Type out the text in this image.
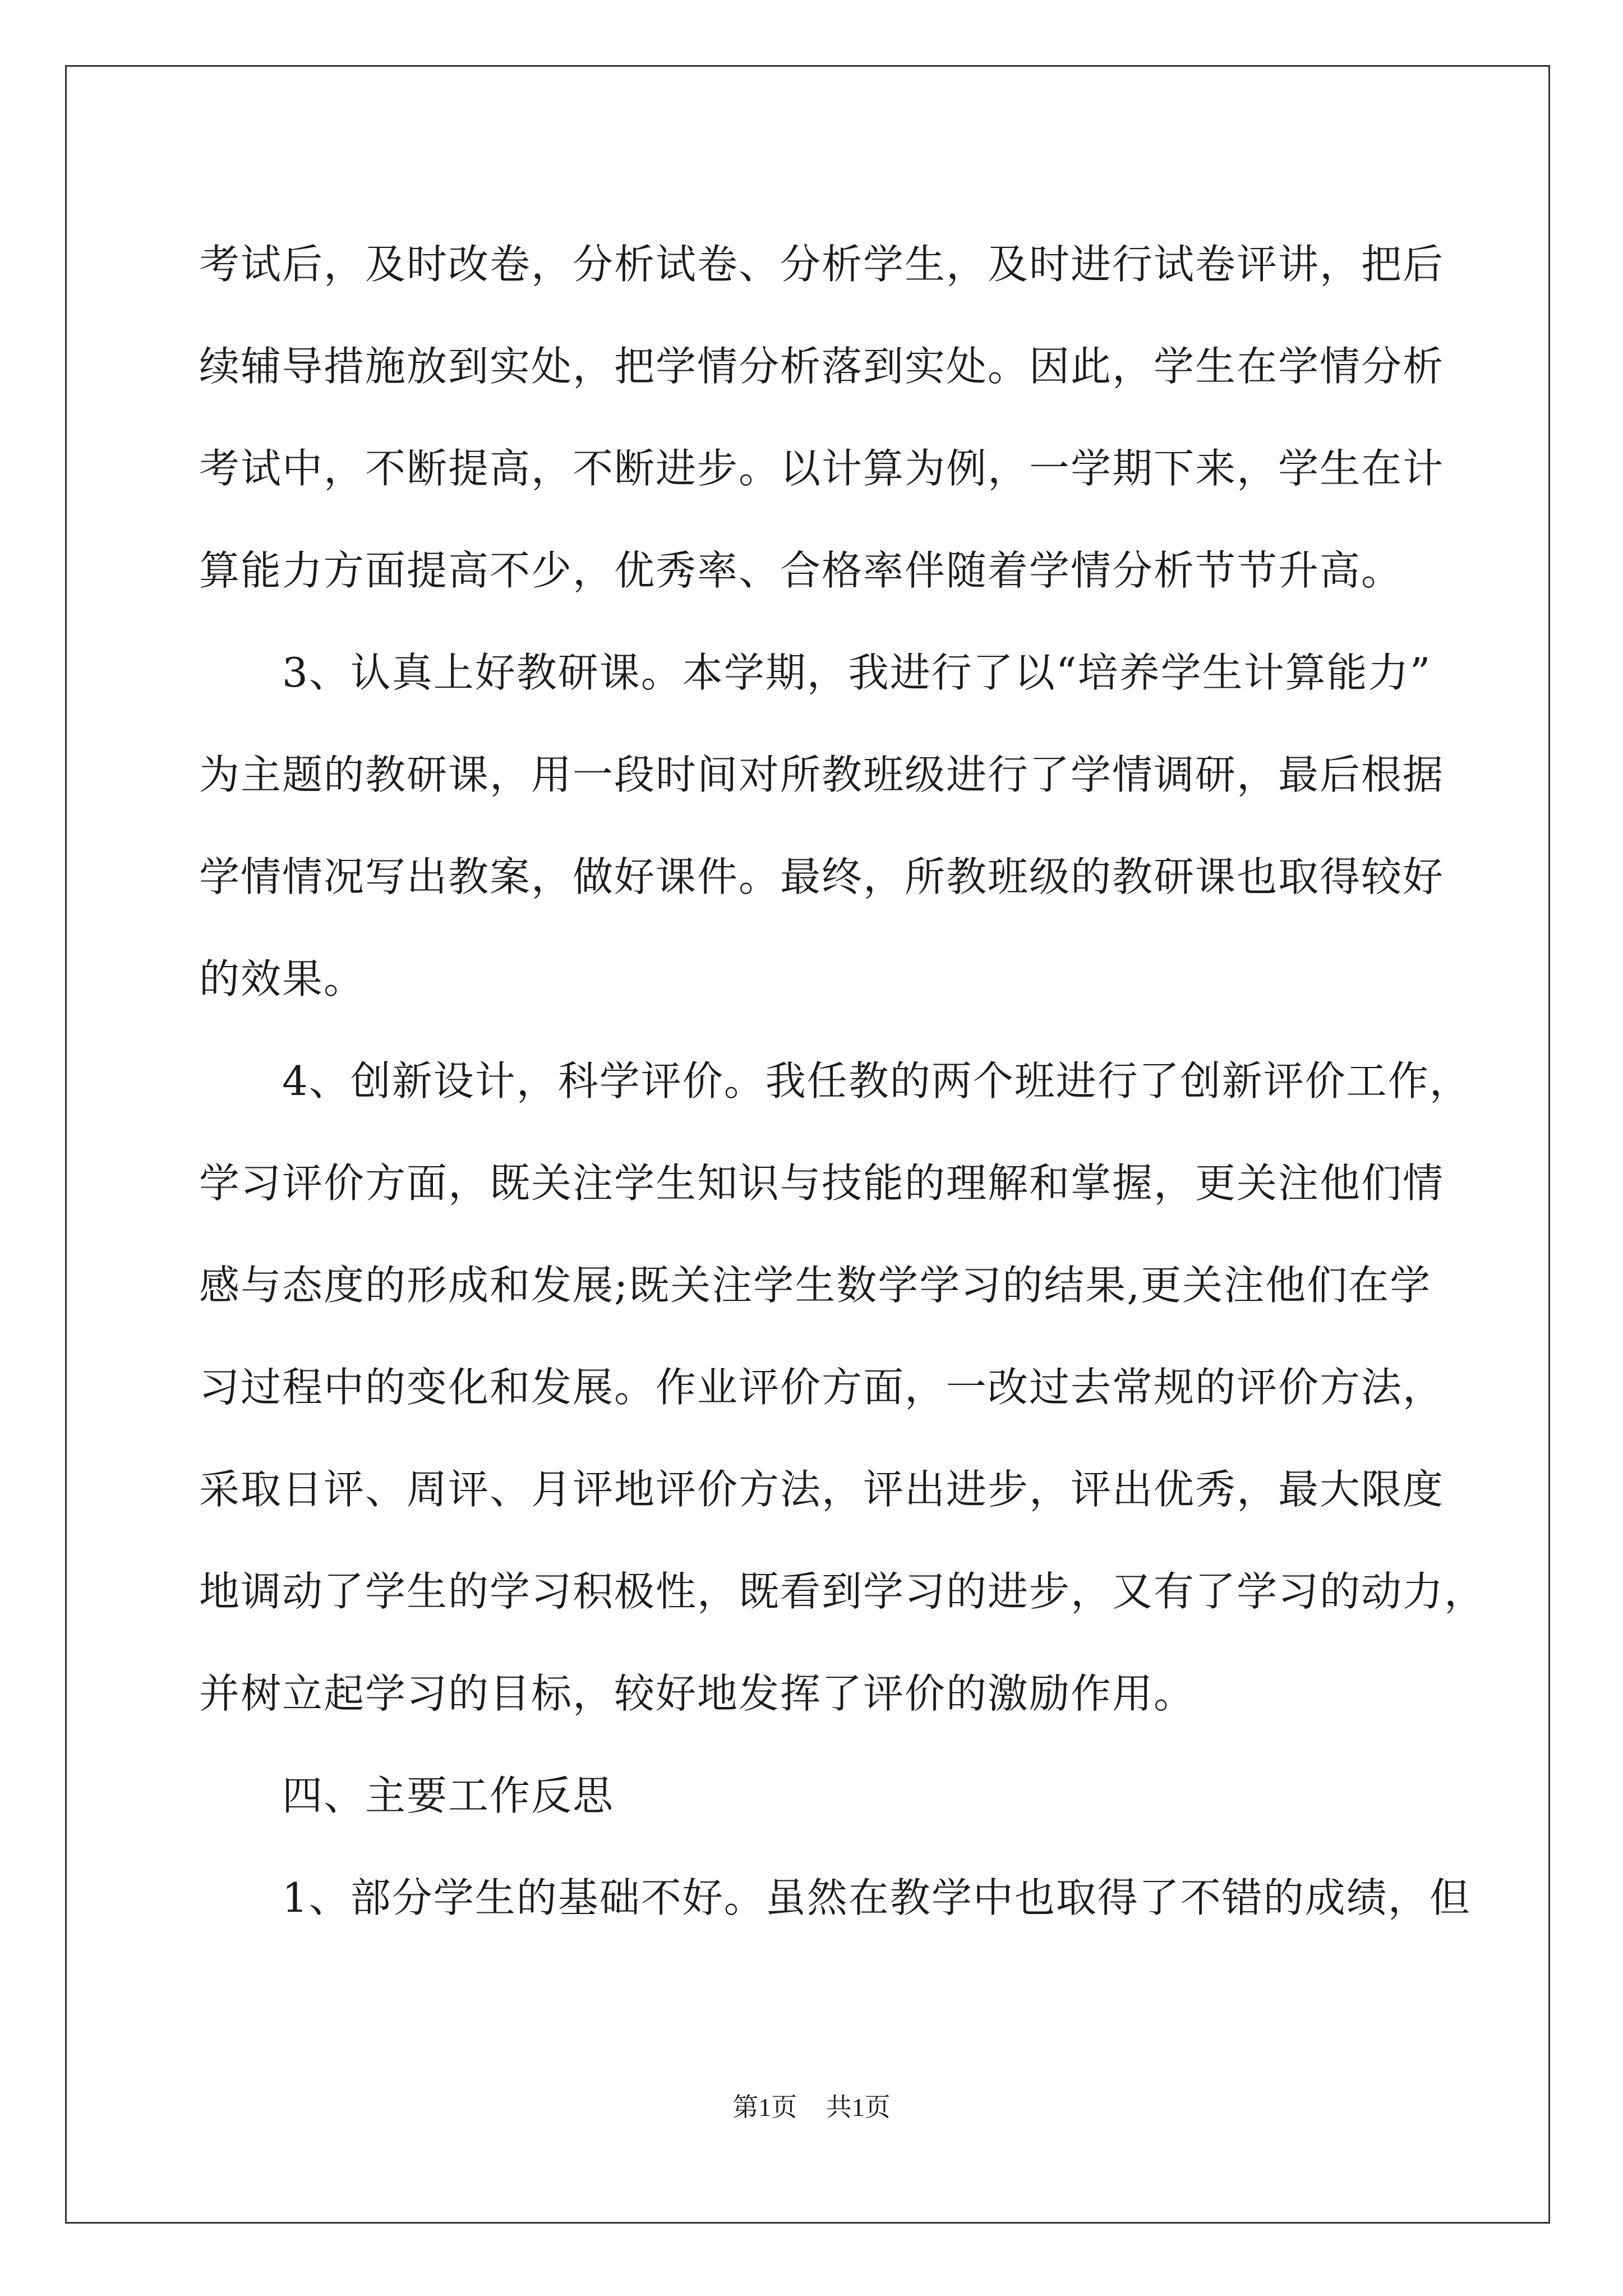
考试后，及时改卷，分析试卷、分析学生，及时进行试卷评讲，把后
续辅导措施放到实处，把学情分析落到实处。因此，学生在学情分析
考试中，不断提高，不断进步。以计算为例，一学期下来，学生在计
算能力方面提高不少，优秀率、合格率伴随着学情分析节节升高。
3、认真上好教研课。本学期，我进行了以“培养学生计算能力”
为主题的教研课，用一段时间对所教班级进行了学情调研，最后根据
学情情况写出教案，做好课件。最终，所教班级的教研课也取得较好
的效果。
4、创新设计，科学评价。我任教的两个班进行了创新评价工作，
学习评价方面，既关注学生知识与技能的理解和掌握，更关注他们情
感与态度的形成和发展;既关注学生数学学习的结果,更关注他们在学
习过程中的变化和发展。作业评价方面，一改过去常规的评价方法，
采取日评、周评、月评地评价方法，评出进步，评出优秀，最大限度
地调动了学生的学习积极性，既看到学习的进步，又有了学习的动力，
并树立起学习的目标，较好地发挥了评价的激励作用。
四、主要工作反思
1、部分学生的基础不好。虽然在教学中也取得了不错的成绩，但
第1页 共1页
